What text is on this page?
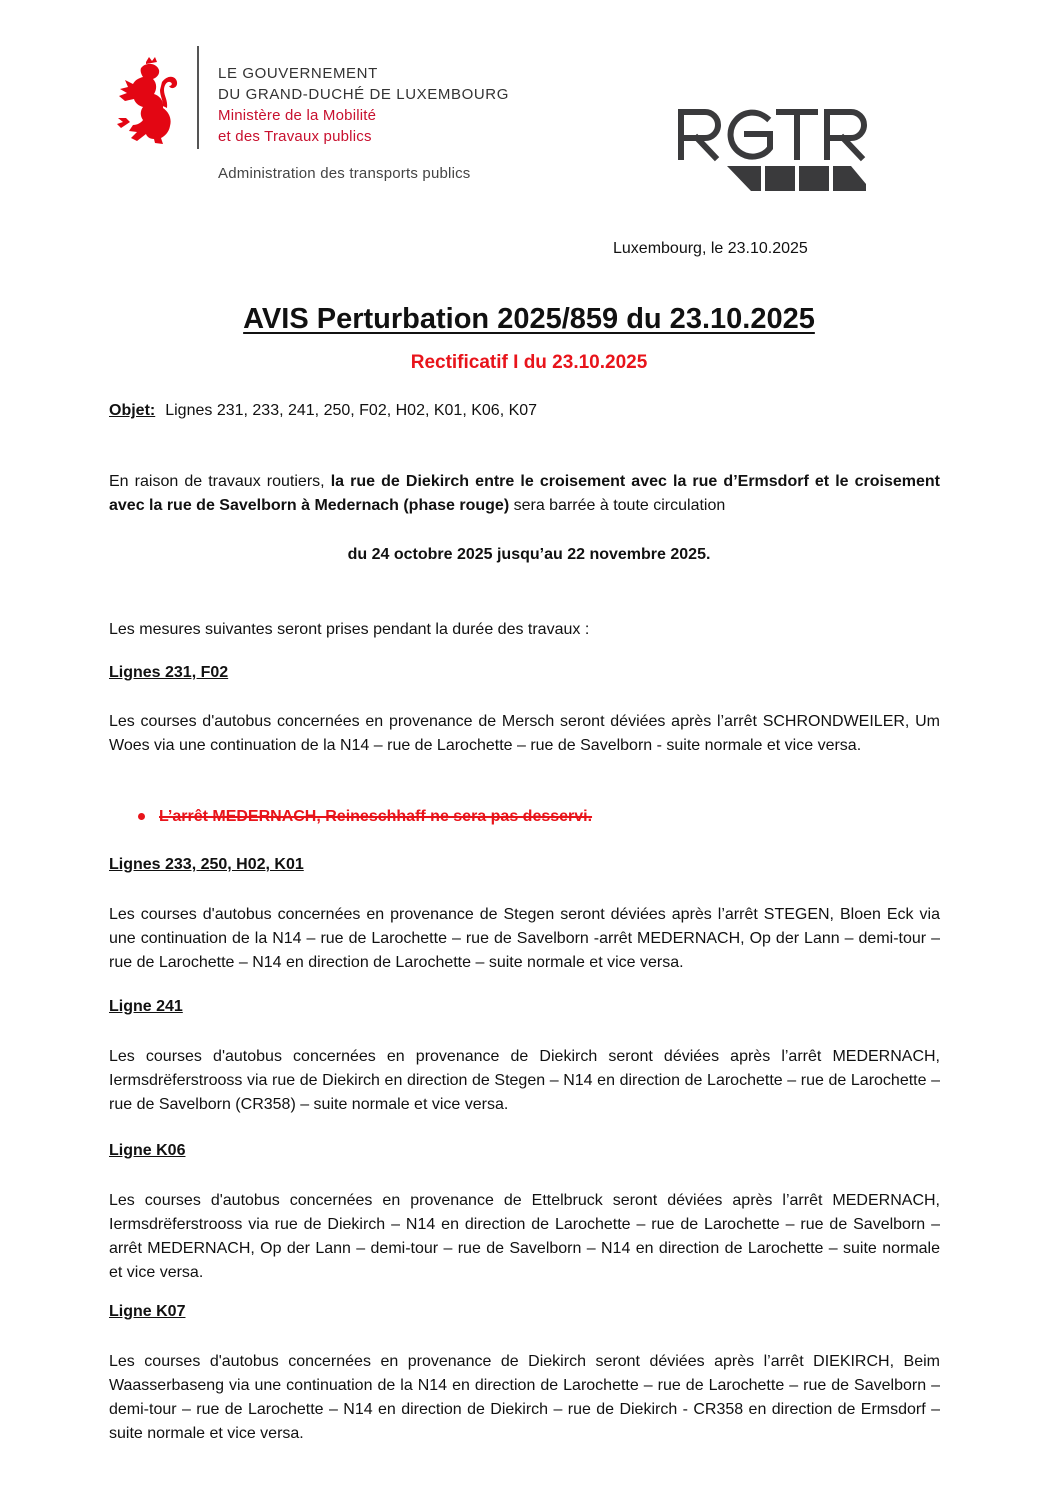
LE GOUVERNEMENT
DU GRAND-DUCHÉ DE LUXEMBOURG
Ministère de la Mobilité
et des Travaux publics
Administration des transports publics
Luxembourg, le 23.10.2025
AVIS Perturbation 2025/859 du 23.10.2025
Rectificatif I du 23.10.2025
Objet: Lignes 231, 233, 241, 250, F02, H02, K01, K06, K07
En raison de travaux routiers, la rue de Diekirch entre le croisement avec la rue d’Ermsdorf et le croisement avec la rue de Savelborn à Medernach (phase rouge) sera barrée à toute circulation
du 24 octobre 2025 jusqu’au 22 novembre 2025.
Les mesures suivantes seront prises pendant la durée des travaux :
Lignes 231, F02
Les courses d'autobus concernées en provenance de Mersch seront déviées après l’arrêt SCHRONDWEILER, Um Woes via une continuation de la N14 – rue de Larochette – rue de Savelborn - suite normale et vice versa.
L’arrêt MEDERNACH, Reineschhaff ne sera pas desservi.
Lignes 233, 250, H02, K01
Les courses d'autobus concernées en provenance de Stegen seront déviées après l’arrêt STEGEN, Bloen Eck via une continuation de la N14 – rue de Larochette – rue de Savelborn -arrêt MEDERNACH, Op der Lann – demi-tour – rue de Larochette – N14 en direction de Larochette – suite normale et vice versa.
Ligne 241
Les courses d'autobus concernées en provenance de Diekirch seront déviées après l’arrêt MEDERNACH, Iermsdrëferstrooss via rue de Diekirch en direction de Stegen – N14 en direction de Larochette – rue de Larochette – rue de Savelborn (CR358) – suite normale et vice versa.
Ligne K06
Les courses d'autobus concernées en provenance de Ettelbruck seront déviées après l’arrêt MEDERNACH, Iermsdrëferstrooss via rue de Diekirch – N14 en direction de Larochette – rue de Larochette – rue de Savelborn – arrêt MEDERNACH, Op der Lann – demi-tour – rue de Savelborn – N14 en direction de Larochette – suite normale et vice versa.
Ligne K07
Les courses d'autobus concernées en provenance de Diekirch seront déviées après l’arrêt DIEKIRCH, Beim Waasserbaseng via une continuation de la N14 en direction de Larochette – rue de Larochette – rue de Savelborn – demi-tour – rue de Larochette – N14 en direction de Diekirch – rue de Diekirch - CR358 en direction de Ermsdorf – suite normale et vice versa.
